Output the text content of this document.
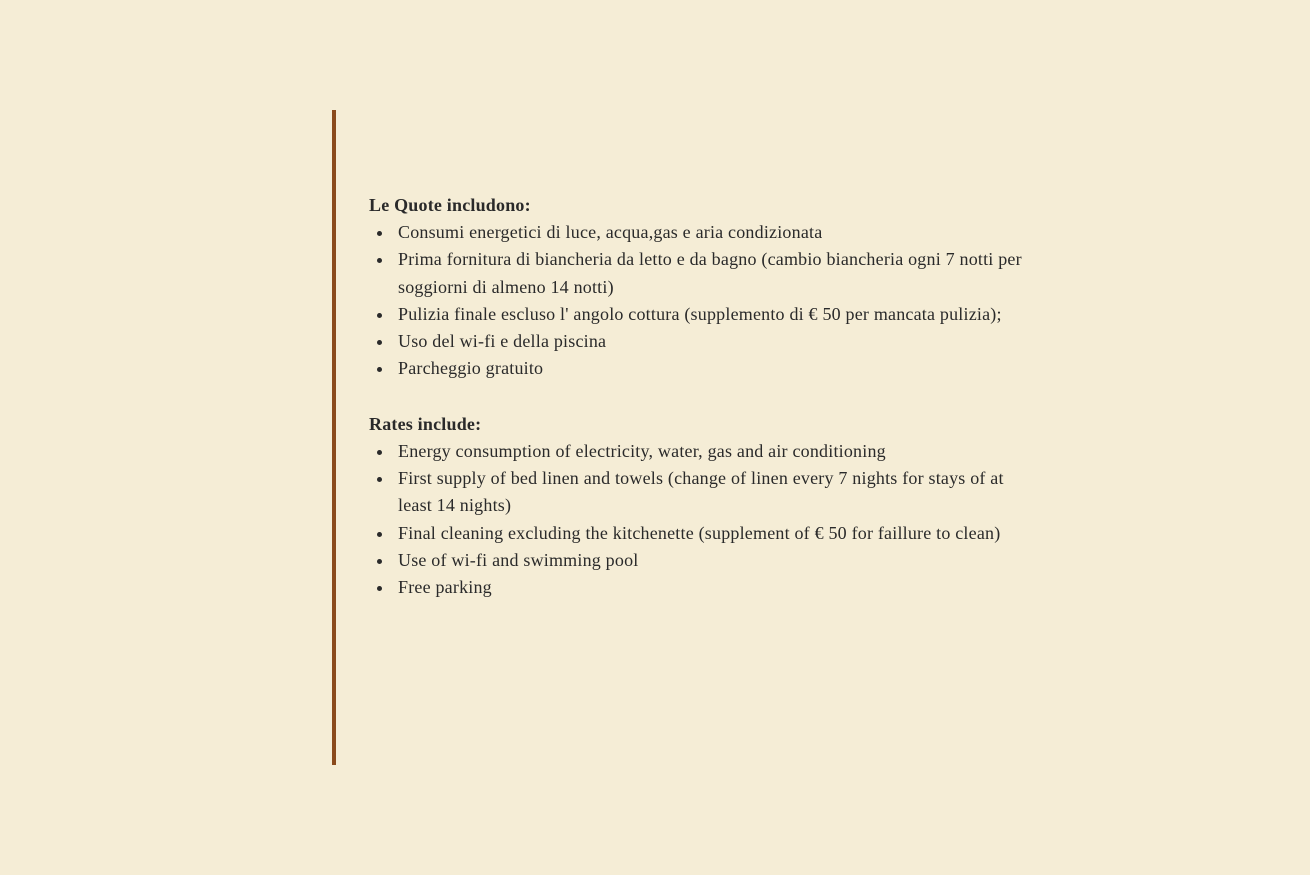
Le Quote includono:

Consumi energetici di luce, acqua,gas e aria condizionata
Prima fornitura di biancheria da letto e da bagno (cambio biancheria ogni 7 notti per soggiorni di almeno 14 notti)
Pulizia finale escluso l' angolo cottura (supplemento di € 50 per mancata pulizia);
Uso del wi-fi e della piscina
Parcheggio gratuito

Rates include:

Energy consumption of electricity, water, gas and air conditioning
First supply of bed linen and towels (change of linen every 7 nights for stays of at least 14 nights)
Final cleaning excluding the kitchenette (supplement of € 50 for faillure to clean)
Use of wi-fi and swimming pool
Free parking
